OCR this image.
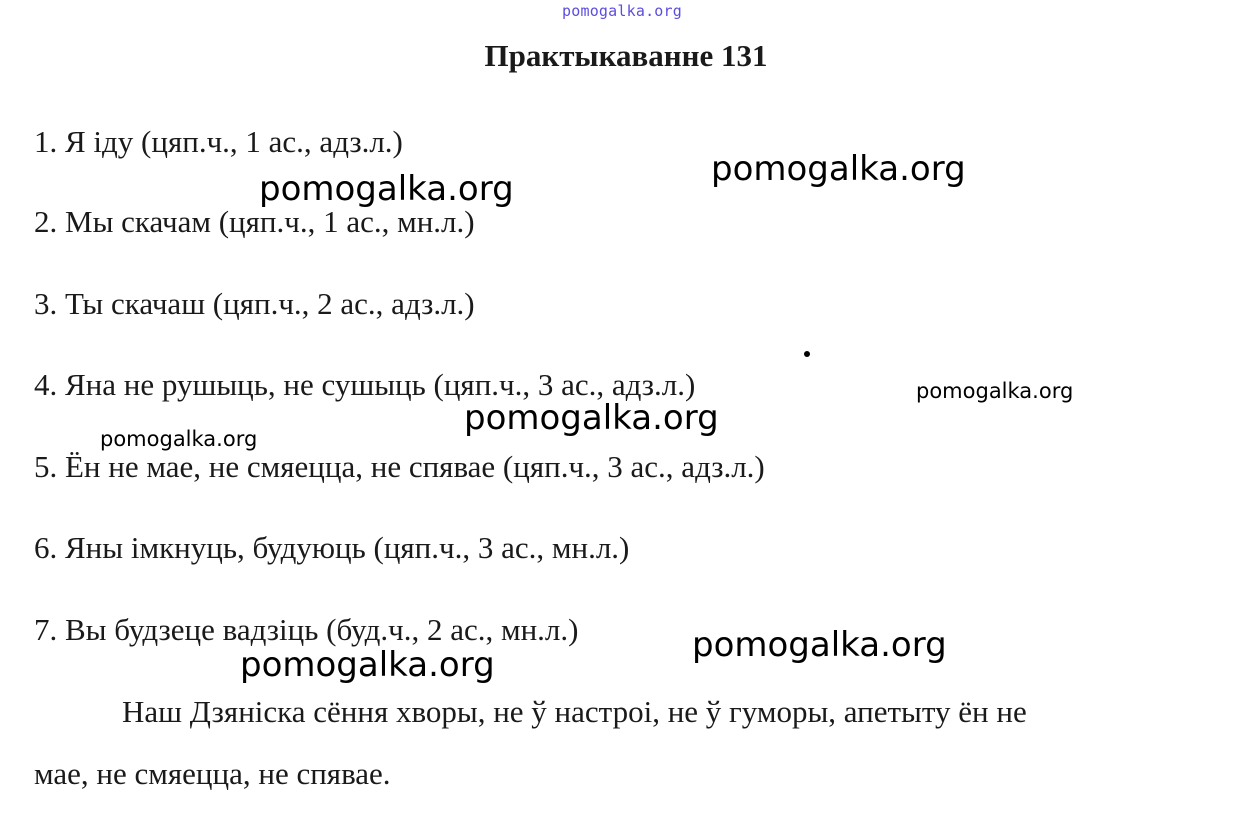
pomogalka.org
Практыкаванне 131
1. Я іду (цяп.ч., 1 ас., адз.л.)
2. Мы скачам (цяп.ч., 1 ас., мн.л.)
3. Ты скачаш (цяп.ч., 2 ас., адз.л.)
4. Яна не рушыць, не сушыць (цяп.ч., 3 ас., адз.л.)
5. Ён не мае, не смяецца, не спявае (цяп.ч., 3 ас., адз.л.)
6. Яны імкнуць, будуюць (цяп.ч., 3 ас., мн.л.)
7. Вы будзеце вадзіць (буд.ч., 2 ас., мн.л.)
Наш Дзяніска сёння хворы, не ў настроі, не ў гуморы, апетыту ён не
мае, не смяецца, не спявае.
pomogalka.org
pomogalka.org
pomogalka.org
pomogalka.org
pomogalka.org
pomogalka.org
pomogalka.org
